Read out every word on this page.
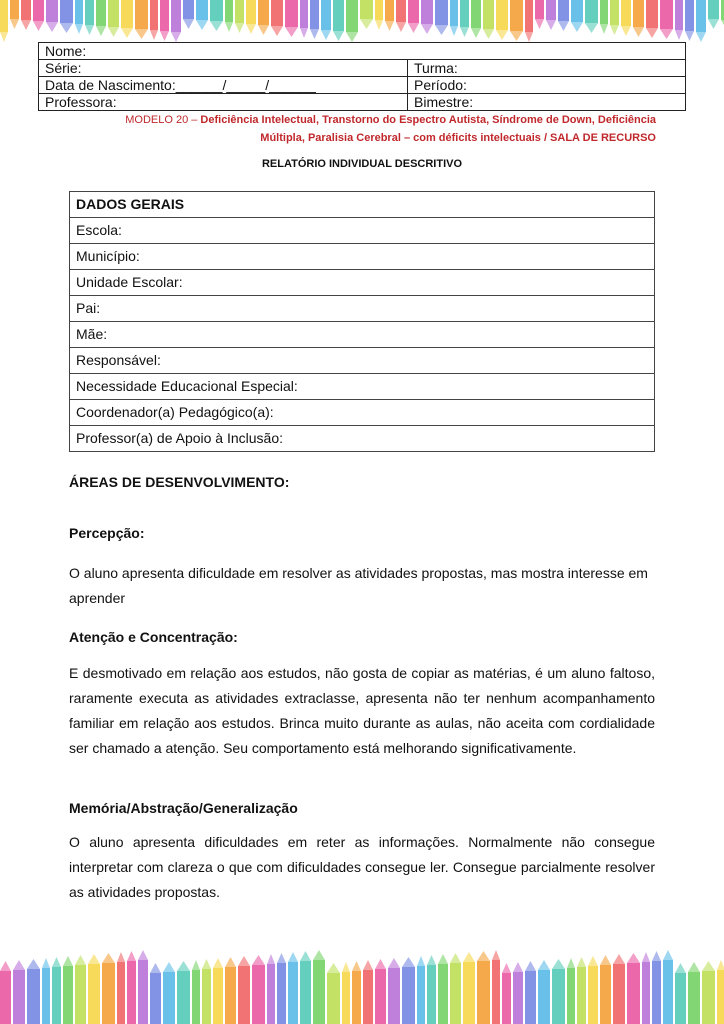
Nome:	
Série:	Turma:
Data de Nascimento:______/_____/______	Período:
Professora:	Bimestre:
MODELO 20 – Deficiência Intelectual, Transtorno do Espectro Autista, Síndrome de Down, Deficiência
Múltipla, Paralisia Cerebral – com déficits intelectuais / SALA DE RECURSO
RELATÓRIO INDIVIDUAL DESCRITIVO
DADOS GERAIS
Escola:
Município:
Unidade Escolar:
Pai:
Mãe:
Responsável:
Necessidade Educacional Especial:
Coordenador(a) Pedagógico(a):
Professor(a) de Apoio à Inclusão:
ÁREAS DE DESENVOLVIMENTO:
Percepção:
O aluno apresenta dificuldade em resolver as atividades propostas, mas mostra interesse em aprender
Atenção e Concentração:
E desmotivado em relação aos estudos, não gosta de copiar as matérias, é um aluno faltoso, raramente executa as atividades extraclasse, apresenta não ter nenhum acompanhamento familiar em relação aos estudos. Brinca muito durante as aulas, não aceita com cordialidade ser chamado a atenção. Seu comportamento está melhorando significativamente.
Memória/Abstração/Generalização
O aluno apresenta dificuldades em reter as informações. Normalmente não consegue interpretar com clareza o que com dificuldades consegue ler. Consegue parcialmente resolver as atividades propostas.
